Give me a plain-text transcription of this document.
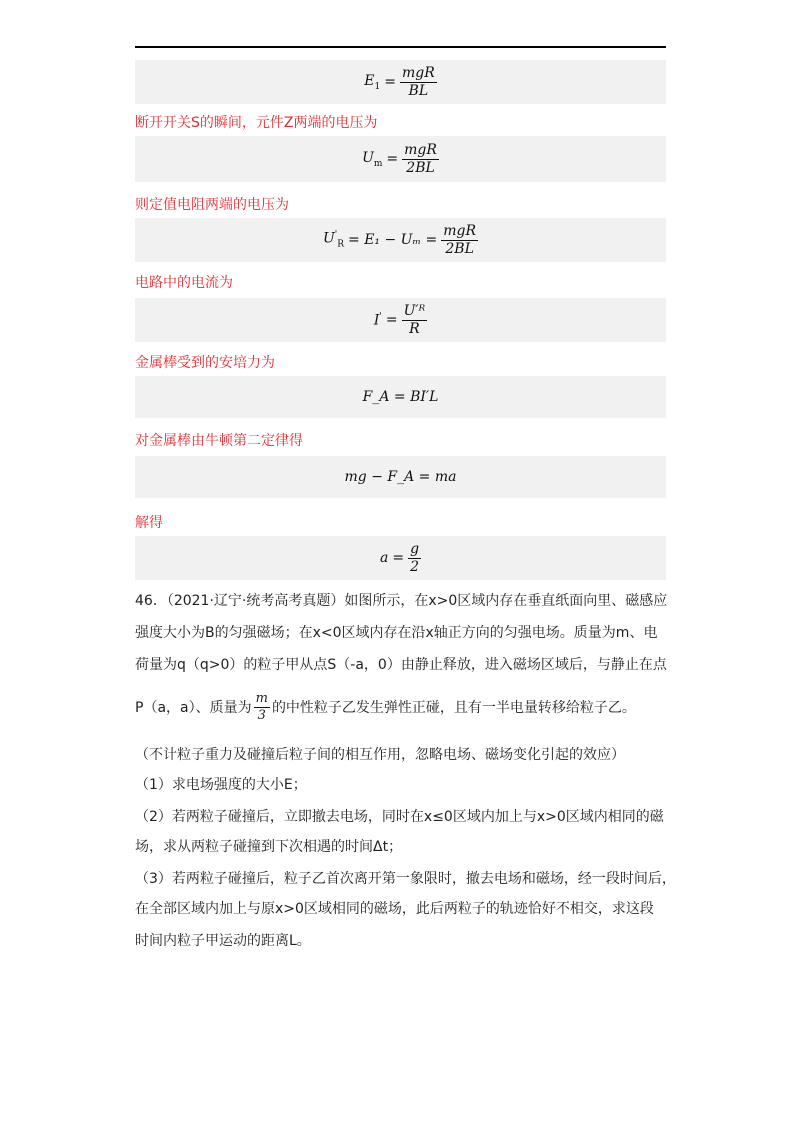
$E_1 = \frac{\text{mgR}}{BL}$
断开开关S的瞬间，元件Z两端的电压为
$U_m = \frac{\text{mgR}}{2BL}$
则定值电阻两端的电压为
$U'_R = E_1 - U_m = \frac{\text{mgR}}{2BL}$
电路中的电流为
$I' = \frac{\text{U′ᴿ}}{R}$
金属棒受到的安培力为
F_A = BI′L
对金属棒由牛顿第二定律得
mg − F_A = ma
解得
$a = \frac{g}{2}$
46．（2021·辽宁·统考高考真题）如图所示，在x>0区域内存在垂直纸面向里、磁感应
强度大小为B的匀强磁场；在x<0区域内存在沿x轴正方向的匀强电场。质量为m、电
荷量为q（q>0）的粒子甲从点S（-a，0）由静止释放，进入磁场区域后，与静止在点
P（a，a）、质量为 $\frac{m}{3}$ 的中性粒子乙发生弹性正碰，且有一半电量转移给粒子乙。
（不计粒子重力及碰撞后粒子间的相互作用，忽略电场、磁场变化引起的效应）
（1）求电场强度的大小E；
（2）若两粒子碰撞后，立即撤去电场，同时在x≤0区域内加上与x>0区域内相同的磁
场，求从两粒子碰撞到下次相遇的时间Δt；
（3）若两粒子碰撞后，粒子乙首次离开第一象限时，撤去电场和磁场，经一段时间后，
在全部区域内加上与原x>0区域相同的磁场，此后两粒子的轨迹恰好不相交，求这段
时间内粒子甲运动的距离L。
